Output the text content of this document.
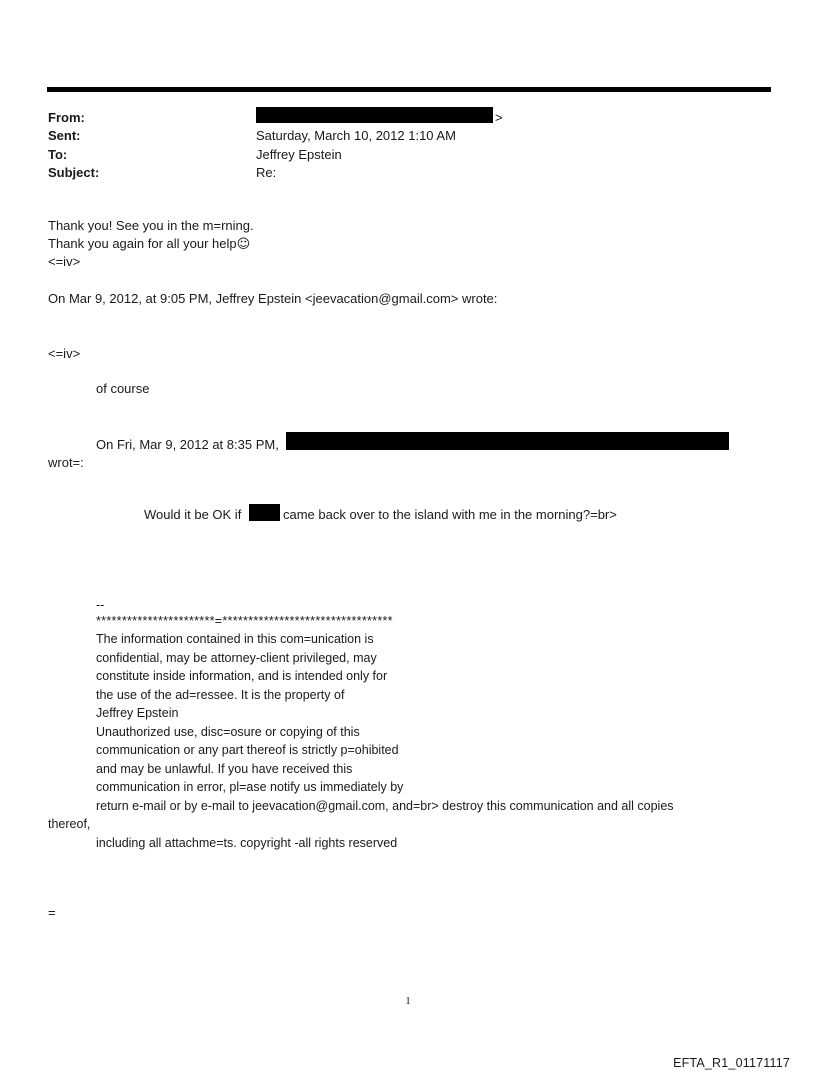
From:	>
Sent:	Saturday, March 10, 2012 1:10 AM
To:	Jeffrey Epstein
Subject:	Re:
Thank you! See you in the m=rning.
Thank you again for all your help☺
<=iv>
On Mar 9, 2012, at 9:05 PM, Jeffrey Epstein <jeevacation@gmail.com> wrote:
<=iv>
of course
On Fri, Mar 9, 2012 at 8:35 PM,
wrot=:
Would it be OK if	came back over to the island with me in the morning?=br>
--
***********************=*********************************
The information contained in this com=unication is
confidential, may be attorney-client privileged, may
constitute inside information, and is intended only for
the use of the ad=ressee. It is the property of
Jeffrey Epstein
Unauthorized use, disc=osure or copying of this
communication or any part thereof is strictly p=ohibited
and may be unlawful. If you have received this
communication in error, pl=ase notify us immediately by
return e-mail or by e-mail to jeevacation@gmail.com, and=br> destroy this communication and all copies
thereof,
including all attachme=ts. copyright -all rights reserved
=
1
EFTA_R1_01171117
